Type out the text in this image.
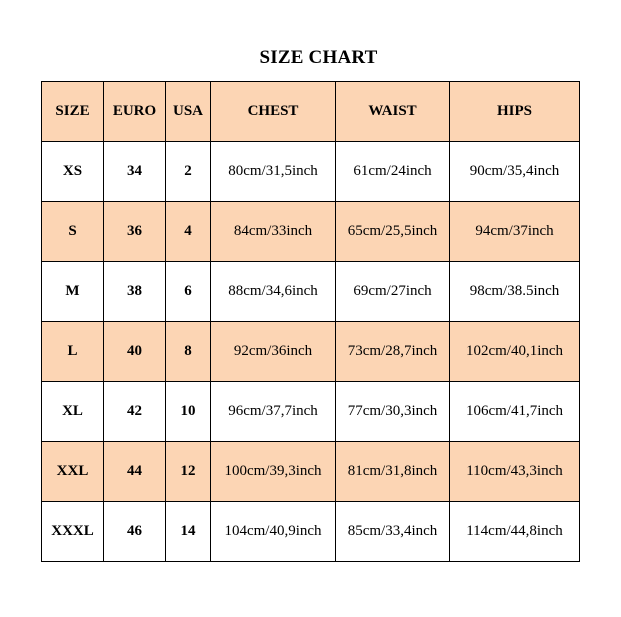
SIZE CHART
SIZE	EURO	USA	CHEST	WAIST	HIPS
XS	34	2	80cm/31,5inch	61cm/24inch	90cm/35,4inch
S	36	4	84cm/33inch	65cm/25,5inch	94cm/37inch
M	38	6	88cm/34,6inch	69cm/27inch	98cm/38.5inch
L	40	8	92cm/36inch	73cm/28,7inch	102cm/40,1inch
XL	42	10	96cm/37,7inch	77cm/30,3inch	106cm/41,7inch
XXL	44	12	100cm/39,3inch	81cm/31,8inch	110cm/43,3inch
XXXL	46	14	104cm/40,9inch	85cm/33,4inch	114cm/44,8inch
